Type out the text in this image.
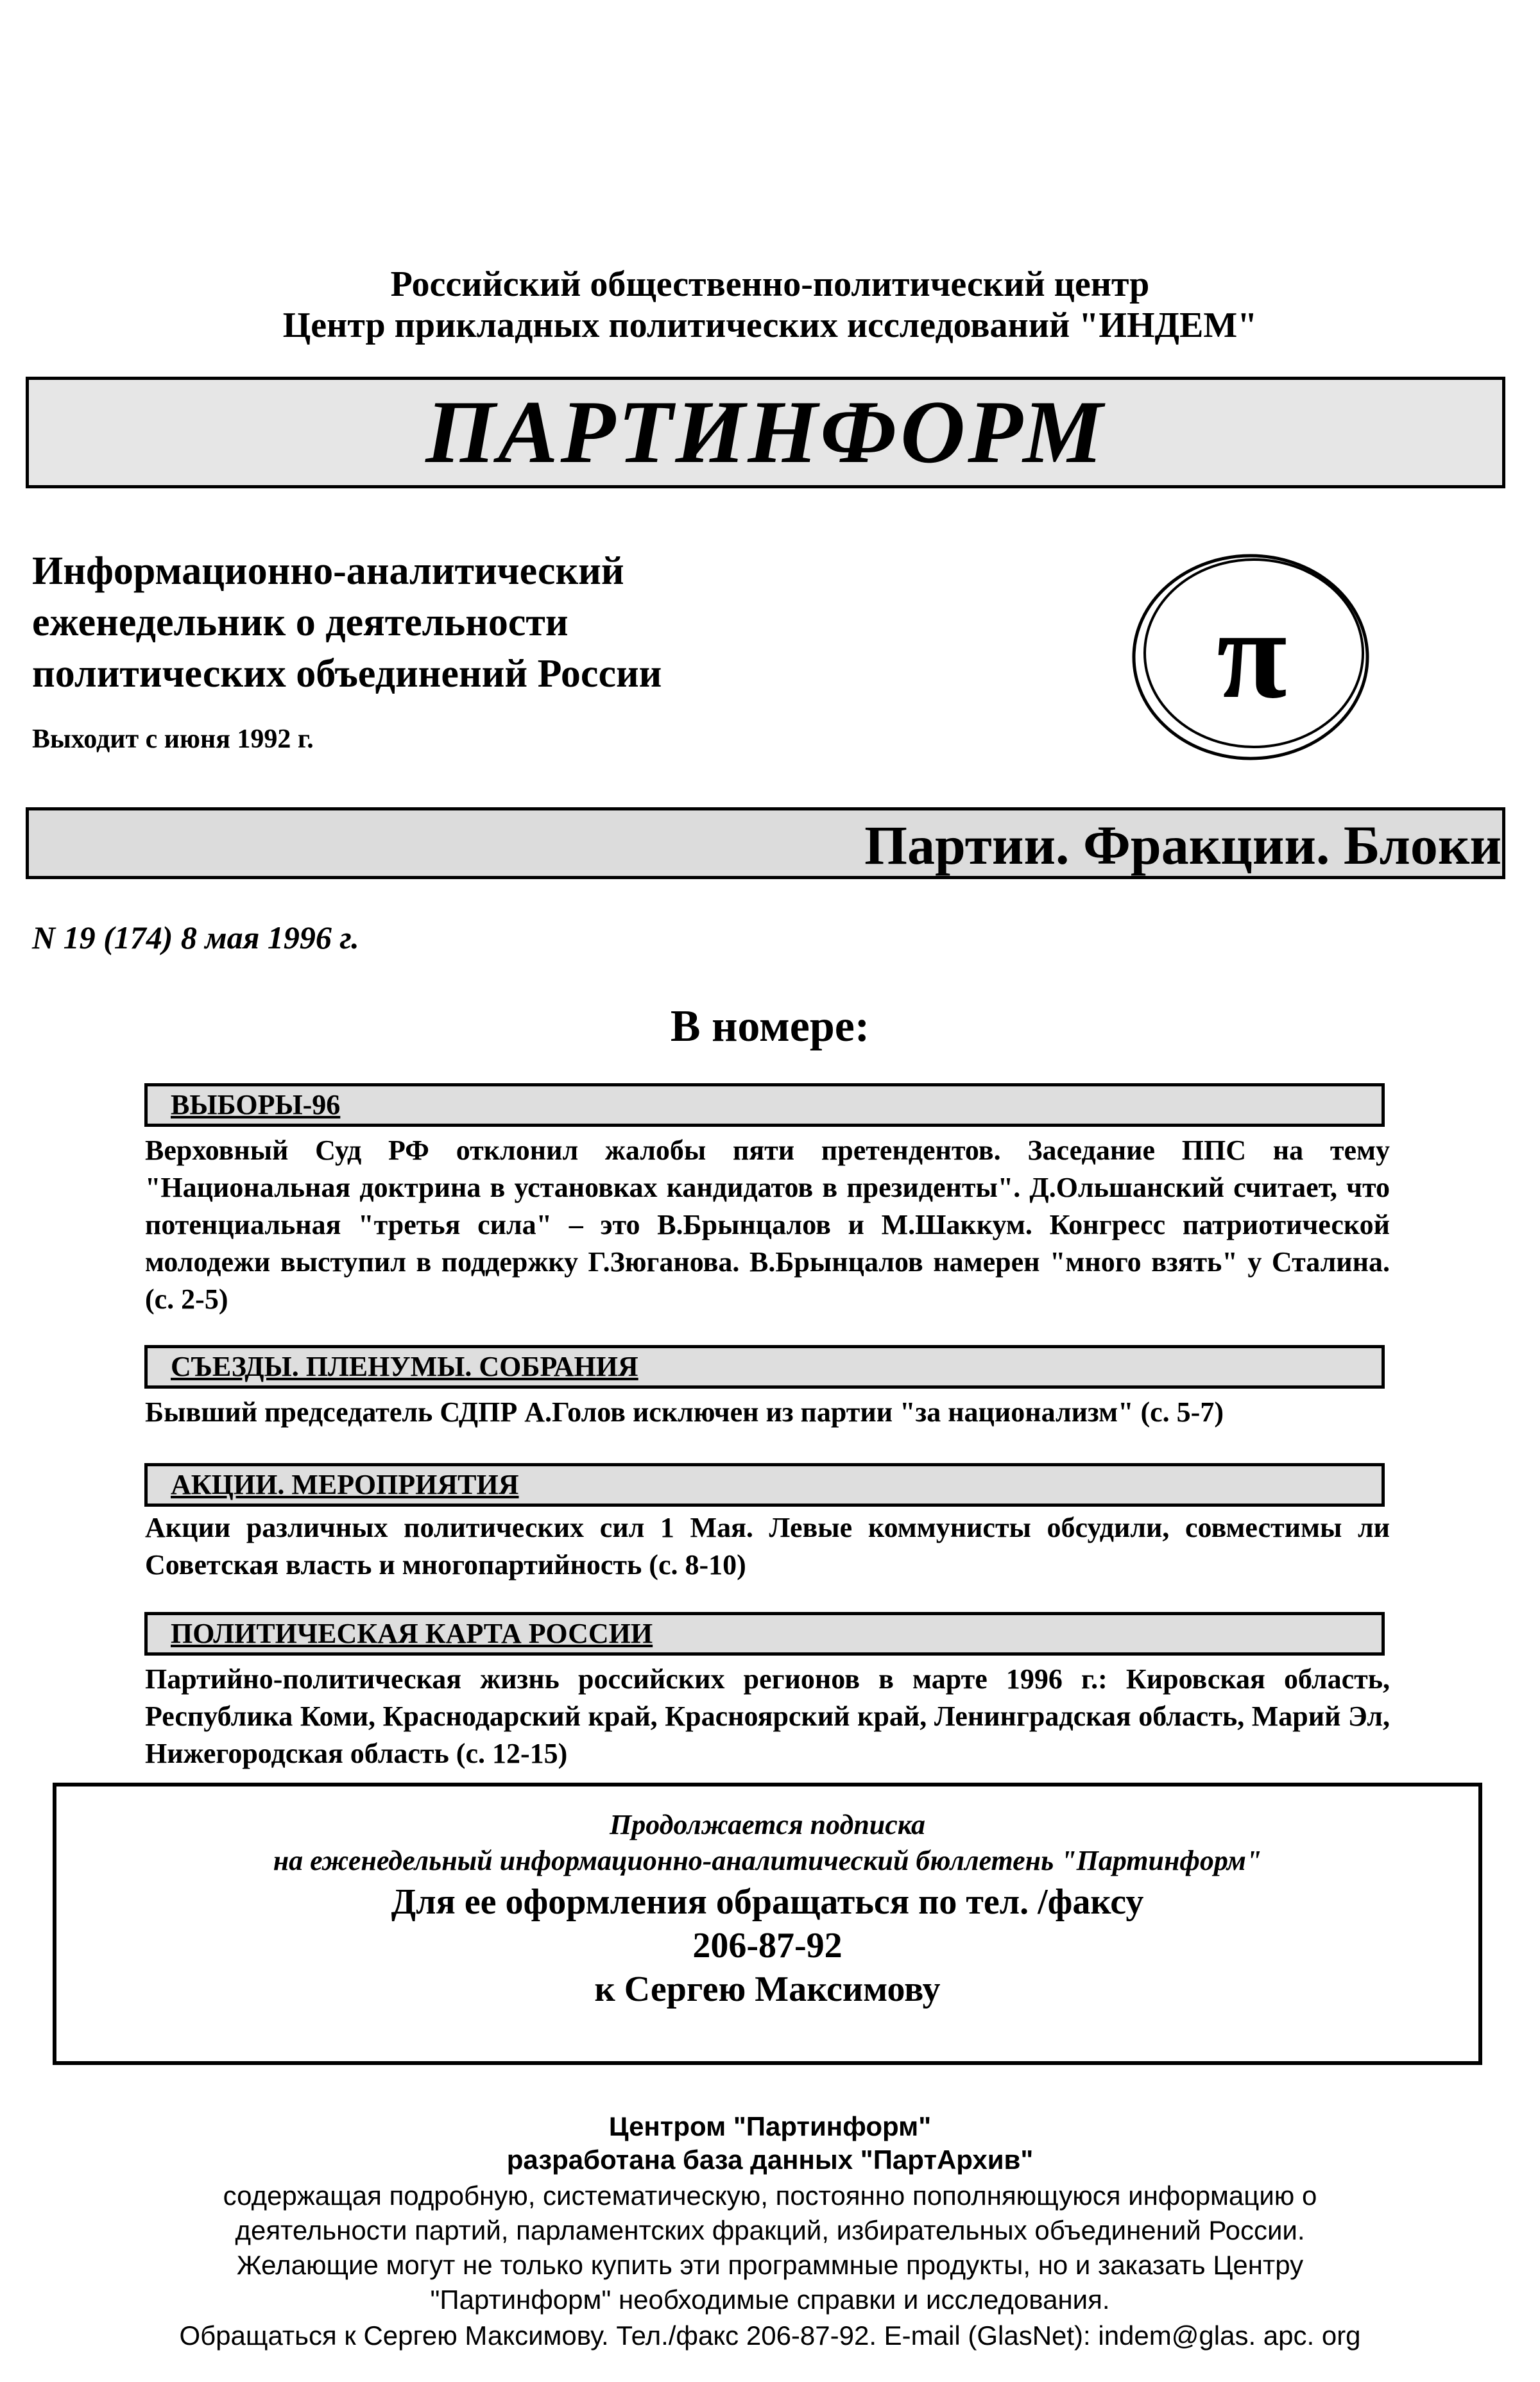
Российский общественно-политический центр
Центр прикладных политических исследований "ИНДЕМ"
ПАРТИНФОРМ
Информационно-аналитический
еженедельник о деятельности
политических объединений России
Выходит с июня 1992 г.
π
Партии. Фракции. Блоки
N 19 (174) 8 мая 1996 г.
В номере:
ВЫБОРЫ-96
Верховный Суд РФ отклонил жалобы пяти претендентов. Заседание ППС на тему "Национальная доктрина в установках кандидатов в президенты". Д.Ольшанский считает, что потенциальная "третья сила" – это В.Брынцалов и М.Шаккум. Конгресс патриотической молодежи выступил в поддержку Г.Зюганова. В.Брынцалов намерен "много взять" у Сталина. (с. 2-5)
СЪЕЗДЫ. ПЛЕНУМЫ. СОБРАНИЯ
Бывший председатель СДПР А.Голов исключен из партии "за национализм" (с. 5-7)
АКЦИИ. МЕРОПРИЯТИЯ
Акции различных политических сил 1 Мая. Левые коммунисты обсудили, совместимы ли Советская власть и многопартийность (с. 8-10)
ПОЛИТИЧЕСКАЯ КАРТА РОССИИ
Партийно-политическая жизнь российских регионов в марте 1996 г.: Кировская область, Республика Коми, Краснодарский край, Красноярский край, Ленинградская область, Марий Эл, Нижегородская область (с. 12-15)
Продолжается подписка
на еженедельный информационно-аналитический бюллетень "Партинформ"
Для ее оформления обращаться по тел. /факсу
206-87-92
к Сергею Максимову
Центром "Партинформ"
разработана база данных "ПартАрхив"
содержащая подробную, систематическую, постоянно пополняющуюся информацию о
деятельности партий, парламентских фракций, избирательных объединений России.
Желающие могут не только купить эти программные продукты, но и заказать Центру
"Партинформ" необходимые справки и исследования.
Обращаться к Сергею Максимову. Тел./факс 206-87-92. E-mail (GlasNet): indem@glas. apc. org
